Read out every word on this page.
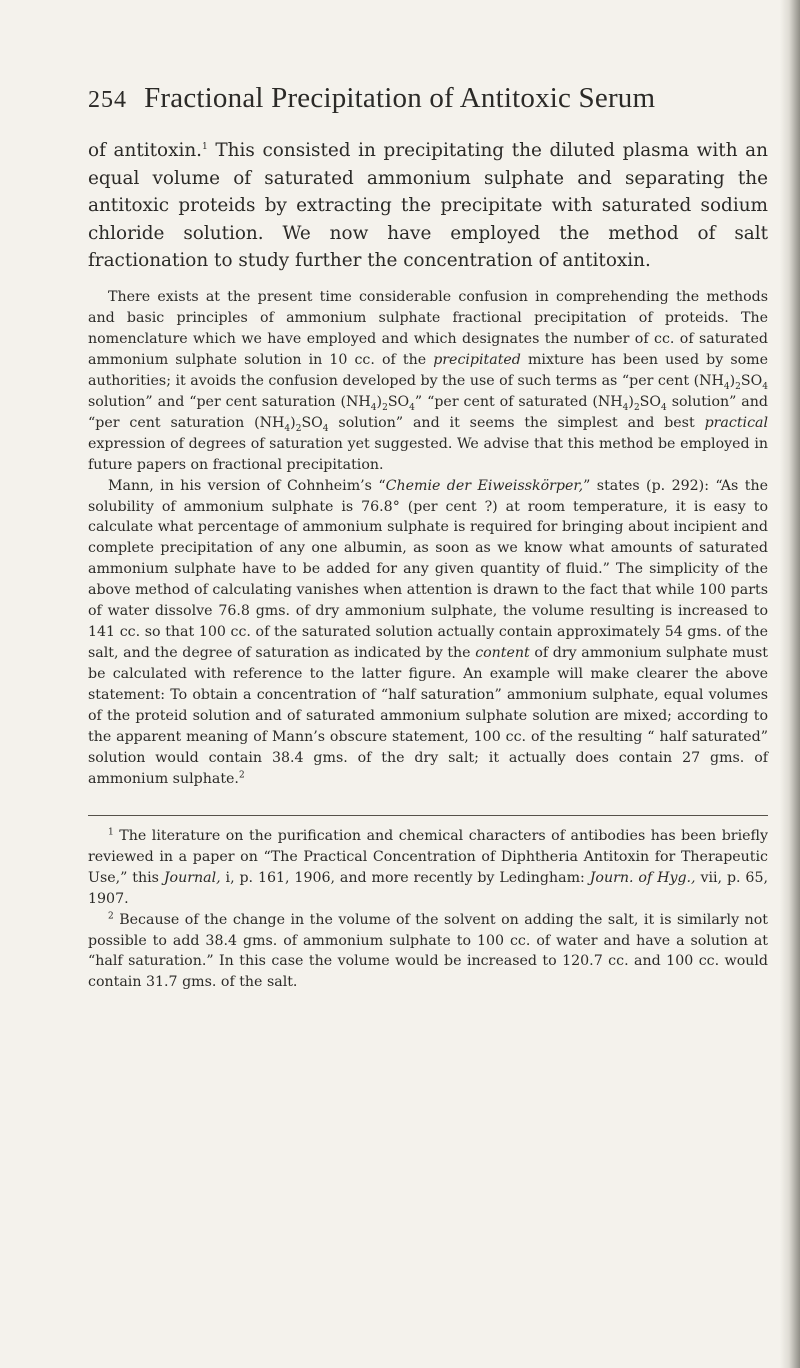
254 Fractional Precipitation of Antitoxic Serum

of antitoxin.$^1$ This consisted in precipitating the diluted plasma with an equal volume of saturated ammonium sulphate and separating the antitoxic proteids by extracting the precipitate with saturated sodium chloride solution. We now have employed the method of salt fractionation to study further the concentration of antitoxin.

There exists at the present time considerable confusion in comprehending the methods and basic principles of ammonium sulphate fractional precipitation of proteids. The nomenclature which we have employed and which designates the number of cc. of saturated ammonium sulphate solution in 10 cc. of the precipitated mixture has been used by some authorities; it avoids the confusion developed by the use of such terms as “per cent $(NH_4)_2SO_4$ solution” and “per cent saturation $(NH_4)_2SO_4$” “per cent of saturated $(NH_4)_2SO_4$ solution” and “per cent saturation $(NH_4)_2SO_4$ solution” and it seems the simplest and best practical expression of degrees of saturation yet suggested. We advise that this method be employed in future papers on fractional precipitation.

Mann, in his version of Cohnheim’s “Chemie der Eiweisskörper,” states (p. 292): “As the solubility of ammonium sulphate is 76.8° (per cent ?) at room temperature, it is easy to calculate what percentage of ammonium sulphate is required for bringing about incipient and complete precipitation of any one albumin, as soon as we know what amounts of saturated ammonium sulphate have to be added for any given quantity of fluid.” The simplicity of the above method of calculating vanishes when attention is drawn to the fact that while 100 parts of water dissolve 76.8 gms. of dry ammonium sulphate, the volume resulting is increased to 141 cc. so that 100 cc. of the saturated solution actually contain approximately 54 gms. of the salt, and the degree of saturation as indicated by the content of dry ammonium sulphate must be calculated with reference to the latter figure. An example will make clearer the above statement: To obtain a concentration of “half saturation” ammonium sulphate, equal volumes of the proteid solution and of saturated ammonium sulphate solution are mixed; according to the apparent meaning of Mann’s obscure statement, 100 cc. of the resulting “ half saturated” solution would contain 38.4 gms. of the dry salt; it actually does contain 27 gms. of ammonium sulphate.$^2$

$^1$ The literature on the purification and chemical characters of antibodies has been briefly reviewed in a paper on “The Practical Concentration of Diphtheria Antitoxin for Therapeutic Use,” this Journal, i, p. 161, 1906, and more recently by Ledingham: Journ. of Hyg., vii, p. 65, 1907.

$^2$ Because of the change in the volume of the solvent on adding the salt, it is similarly not possible to add 38.4 gms. of ammonium sulphate to 100 cc. of water and have a solution at “half saturation.” In this case the volume would be increased to 120.7 cc. and 100 cc. would contain 31.7 gms. of the salt.
